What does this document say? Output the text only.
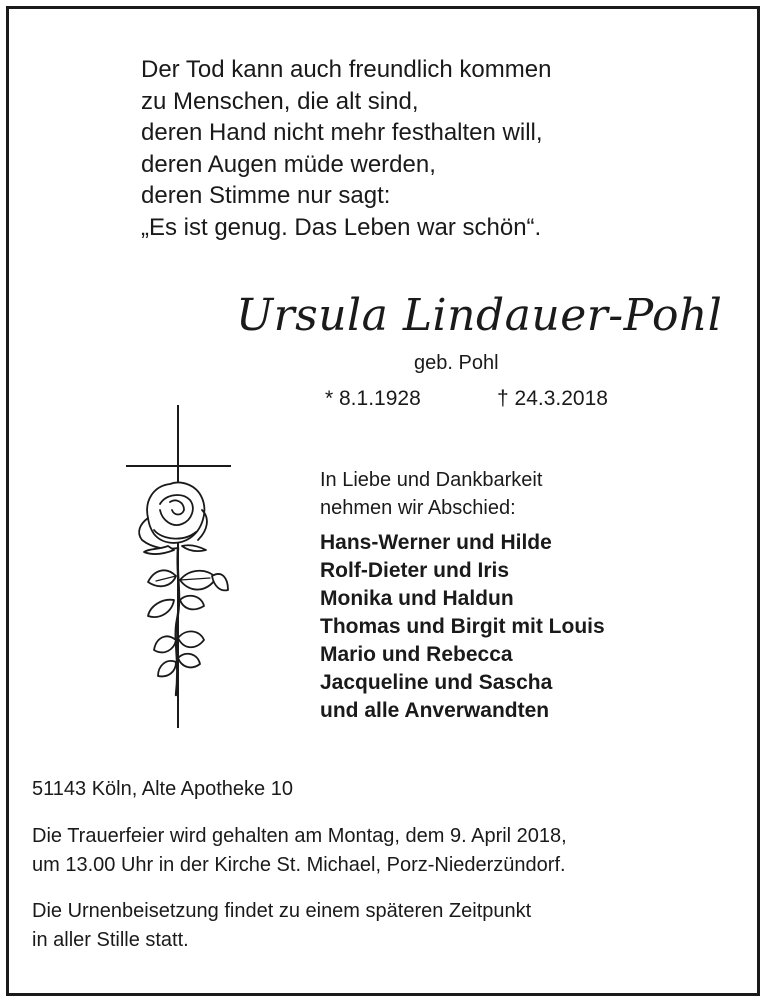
Der Tod kann auch freundlich kommen
zu Menschen, die alt sind,
deren Hand nicht mehr festhalten will,
deren Augen müde werden,
deren Stimme nur sagt:
„Es ist genug. Das Leben war schön“.
Ursula Lindauer-Pohl
geb. Pohl
* 8.1.1928	† 24.3.2018
In Liebe und Dankbarkeit
nehmen wir Abschied:
Hans-Werner und Hilde
Rolf-Dieter und Iris
Monika und Haldun
Thomas und Birgit mit Louis
Mario und Rebecca
Jacqueline und Sascha
und alle Anverwandten
51143 Köln, Alte Apotheke 10
Die Trauerfeier wird gehalten am Montag, dem 9. April 2018,
um 13.00 Uhr in der Kirche St. Michael, Porz-Niederzündorf.
Die Urnenbeisetzung findet zu einem späteren Zeitpunkt
in aller Stille statt.
